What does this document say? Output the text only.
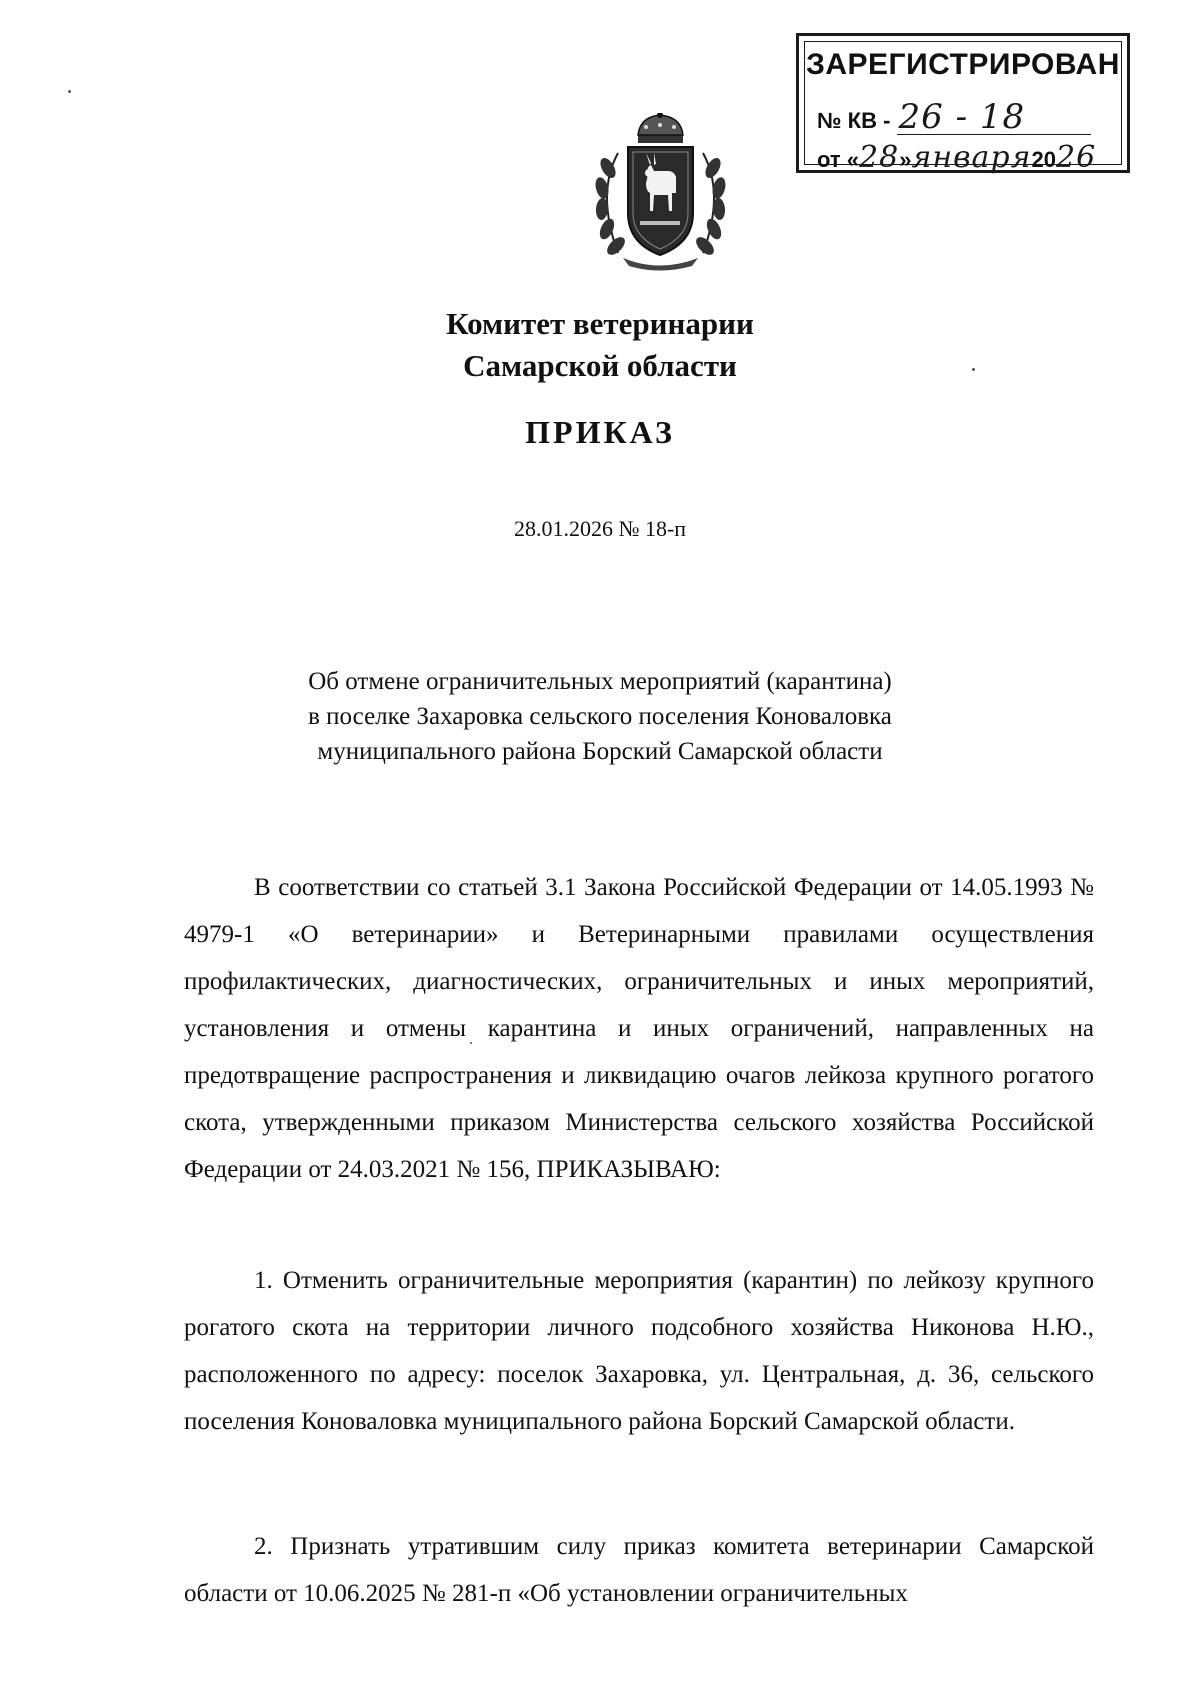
ЗАРЕГИСТРИРОВАН
№ КВ - 26 - 18
от «28»января2026
Комитет ветеринарии
Самарской области
ПРИКАЗ
28.01.2026 № 18-п
Об отмене ограничительных мероприятий (карантина)
в поселке Захаровка сельского поселения Коноваловка
муниципального района Борский Самарской области

В соответствии со статьей 3.1 Закона Российской Федерации от 14.05.1993 № 4979-1 «О ветеринарии» и Ветеринарными правилами осуществления профилактических, диагностических, ограничительных и иных мероприятий, установления и отмены карантина и иных ограничений, направленных на предотвращение распространения и ликвидацию очагов лейкоза крупного рогатого скота, утвержденными приказом Министерства сельского хозяйства Российской Федерации от 24.03.2021 № 156, ПРИКАЗЫВАЮ:

1. Отменить ограничительные мероприятия (карантин) по лейкозу крупного рогатого скота на территории личного подсобного хозяйства Никонова Н.Ю., расположенного по адресу: поселок Захаровка, ул. Центральная, д. 36, сельского поселения Коноваловка муниципального района Борский Самарской области.

2. Признать утратившим силу приказ комитета ветеринарии Самарской области от 10.06.2025 № 281-п «Об установлении ограничительных
